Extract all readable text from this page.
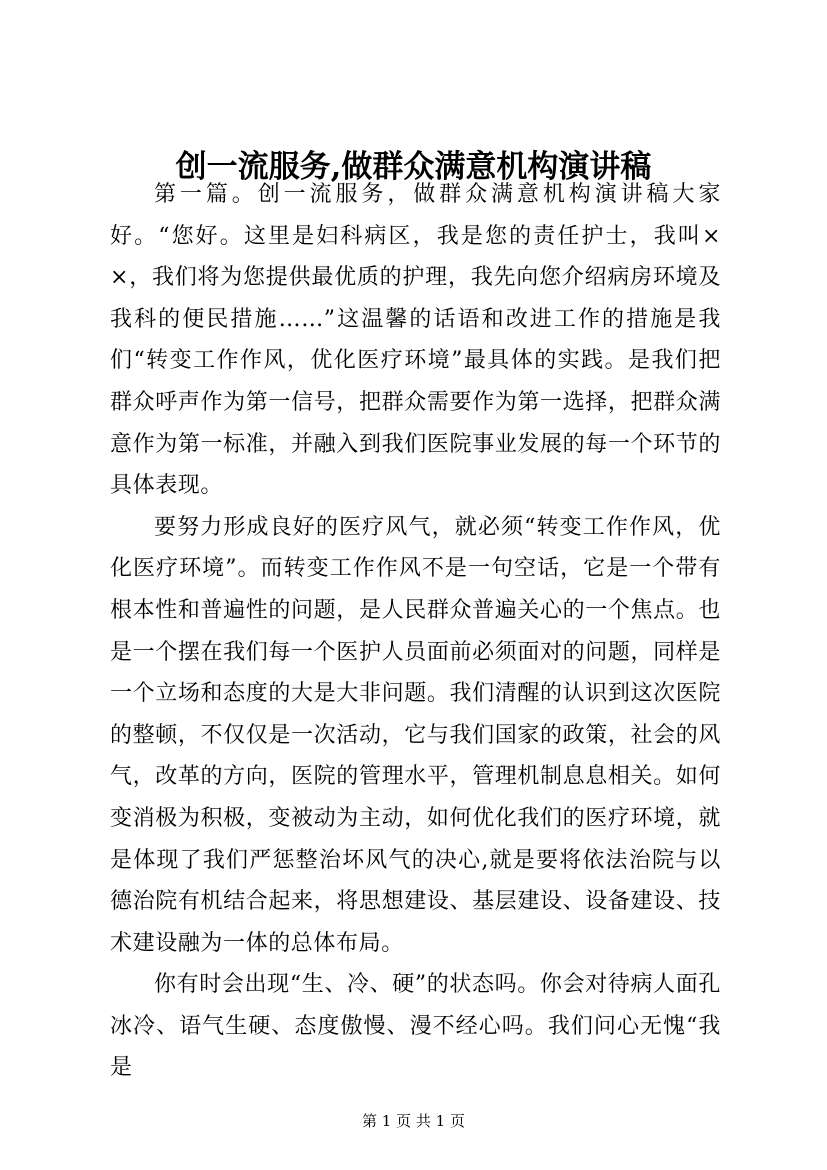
创一流服务,做群众满意机构演讲稿

第一篇。创一流服务，做群众满意机构演讲稿大家好。“您好。这里是妇科病区，我是您的责任护士，我叫××，我们将为您提供最优质的护理，我先向您介绍病房环境及我科的便民措施……”这温馨的话语和改进工作的措施是我们“转变工作作风，优化医疗环境”最具体的实践。是我们把群众呼声作为第一信号，把群众需要作为第一选择，把群众满意作为第一标准，并融入到我们医院事业发展的每一个环节的具体表现。

要努力形成良好的医疗风气，就必须“转变工作作风，优化医疗环境”。而转变工作作风不是一句空话，它是一个带有根本性和普遍性的问题，是人民群众普遍关心的一个焦点。也是一个摆在我们每一个医护人员面前必须面对的问题，同样是一个立场和态度的大是大非问题。我们清醒的认识到这次医院的整顿，不仅仅是一次活动，它与我们国家的政策，社会的风气，改革的方向，医院的管理水平，管理机制息息相关。如何变消极为积极，变被动为主动，如何优化我们的医疗环境，就是体现了我们严惩整治坏风气的决心,就是要将依法治院与以德治院有机结合起来，将思想建设、基层建设、设备建设、技术建设融为一体的总体布局。

你有时会出现“生、冷、硬”的状态吗。你会对待病人面孔冰冷、语气生硬、态度傲慢、漫不经心吗。我们问心无愧“我是

第 1 页 共 1 页
